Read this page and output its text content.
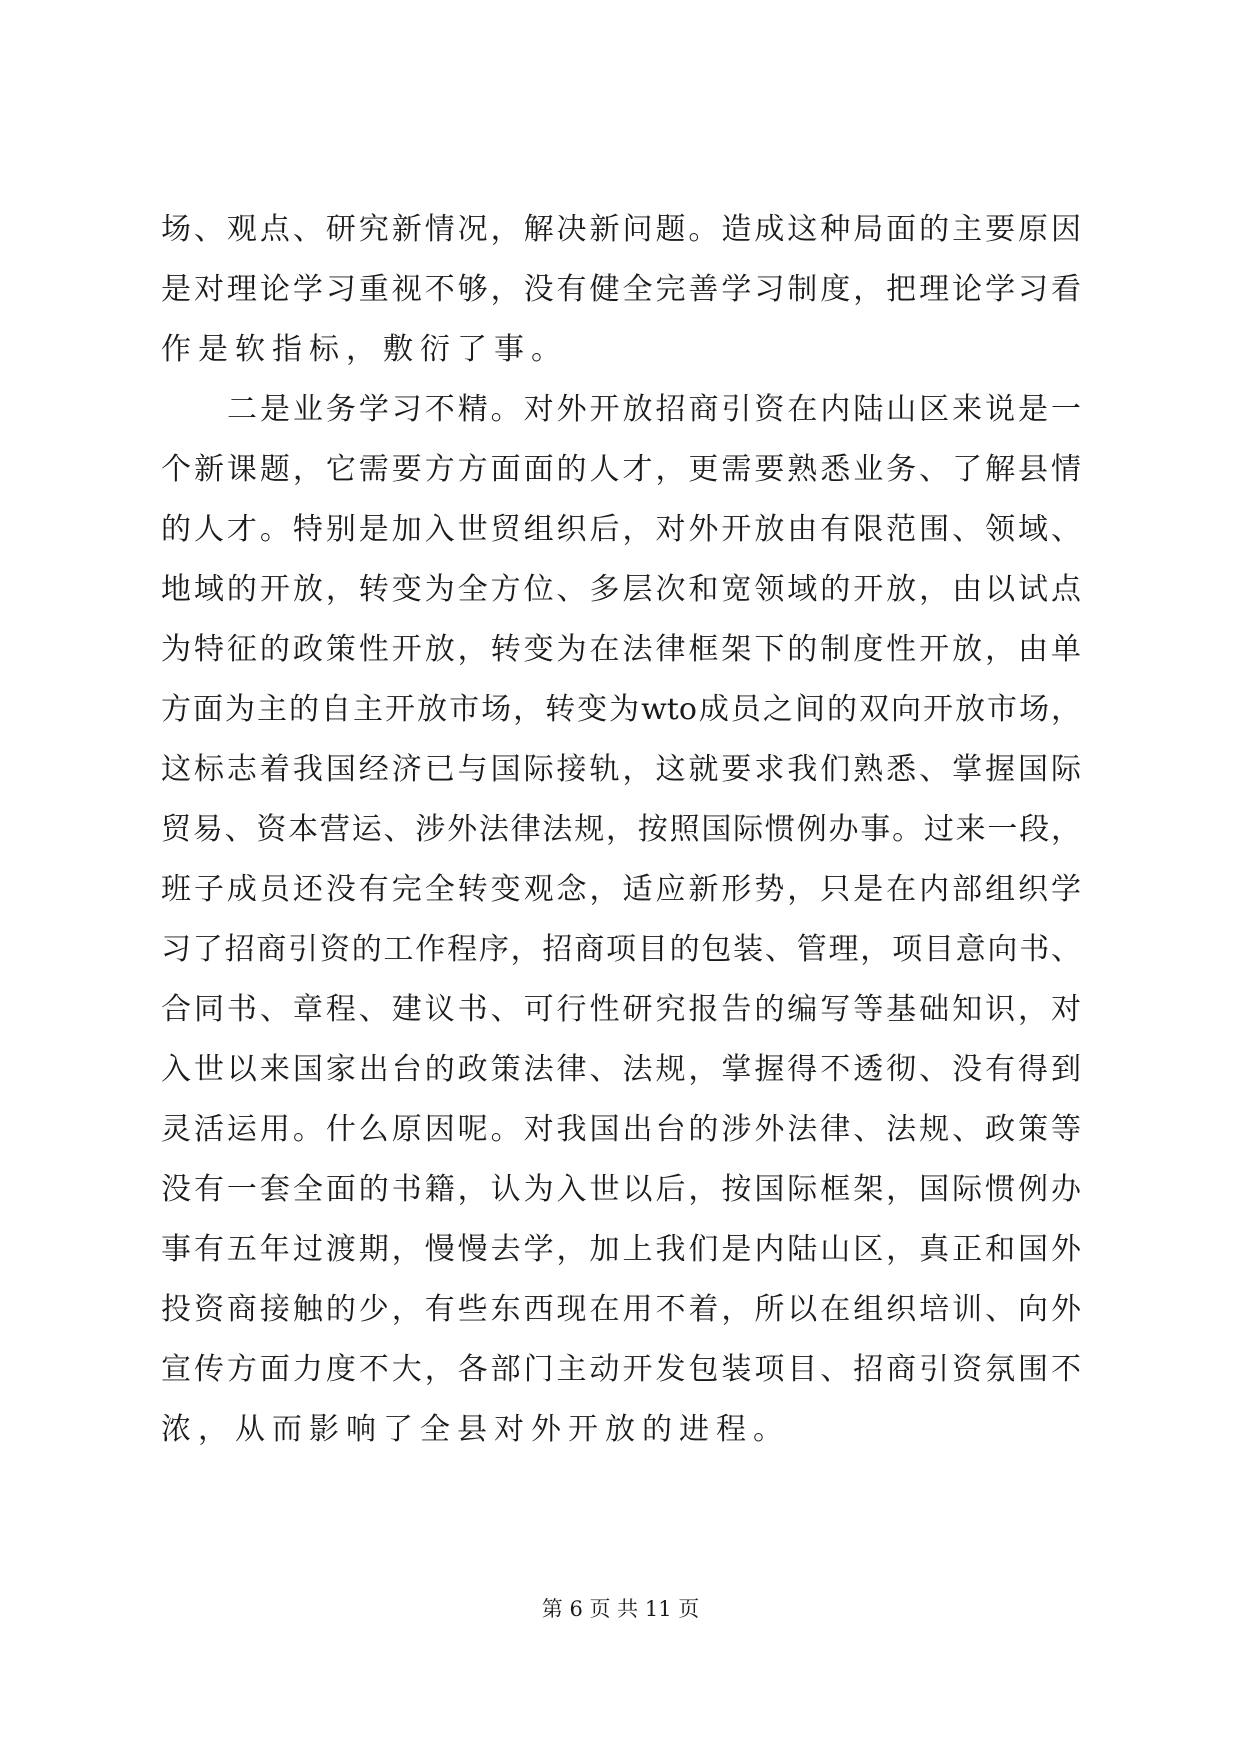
场、观点、研究新情况，解决新问题。造成这种局面的主要原因
是对理论学习重视不够，没有健全完善学习制度，把理论学习看
作是软指标，敷衍了事。
二是业务学习不精。对外开放招商引资在内陆山区来说是一
个新课题，它需要方方面面的人才，更需要熟悉业务、了解县情
的人才。特别是加入世贸组织后，对外开放由有限范围、领域、
地域的开放，转变为全方位、多层次和宽领域的开放，由以试点
为特征的政策性开放，转变为在法律框架下的制度性开放，由单
方面为主的自主开放市场，转变为wto成员之间的双向开放市场，
这标志着我国经济已与国际接轨，这就要求我们熟悉、掌握国际
贸易、资本营运、涉外法律法规，按照国际惯例办事。过来一段，
班子成员还没有完全转变观念，适应新形势，只是在内部组织学
习了招商引资的工作程序，招商项目的包装、管理，项目意向书、
合同书、章程、建议书、可行性研究报告的编写等基础知识，对
入世以来国家出台的政策法律、法规，掌握得不透彻、没有得到
灵活运用。什么原因呢。对我国出台的涉外法律、法规、政策等
没有一套全面的书籍，认为入世以后，按国际框架，国际惯例办
事有五年过渡期，慢慢去学，加上我们是内陆山区，真正和国外
投资商接触的少，有些东西现在用不着，所以在组织培训、向外
宣传方面力度不大，各部门主动开发包装项目、招商引资氛围不
浓，从而影响了全县对外开放的进程。
第 6 页 共 11 页
